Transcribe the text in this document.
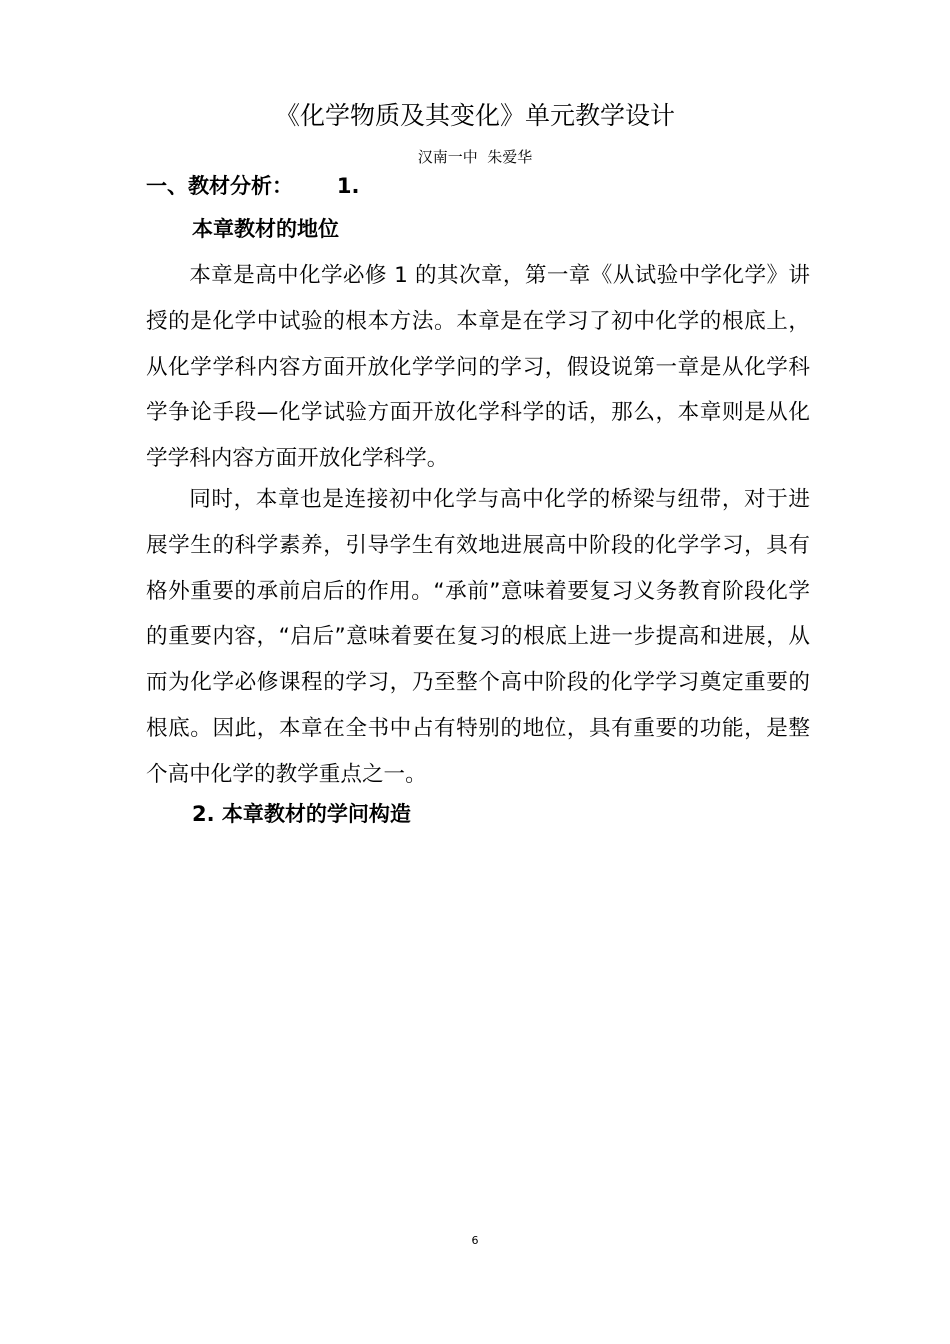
《化学物质及其变化》单元教学设计
汉南一中  朱爱华
一、教材分析：      1.
本章教材的地位

本章是高中化学必修 1 的其次章，第一章《从试验中学化学》讲授的是化学中试验的根本方法。本章是在学习了初中化学的根底上，从化学学科内容方面开放化学学问的学习，假设说第一章是从化学科学争论手段—化学试验方面开放化学科学的话，那么，本章则是从化学学科内容方面开放化学科学。

同时，本章也是连接初中化学与高中化学的桥梁与纽带，对于进展学生的科学素养，引导学生有效地进展高中阶段的化学学习，具有格外重要的承前启后的作用。“承前”意味着要复习义务教育阶段化学的重要内容，“启后”意味着要在复习的根底上进一步提高和进展，从而为化学必修课程的学习，乃至整个高中阶段的化学学习奠定重要的根底。因此，本章在全书中占有特别的地位，具有重要的功能，是整个高中化学的教学重点之一。

2. 本章教材的学问构造
6
